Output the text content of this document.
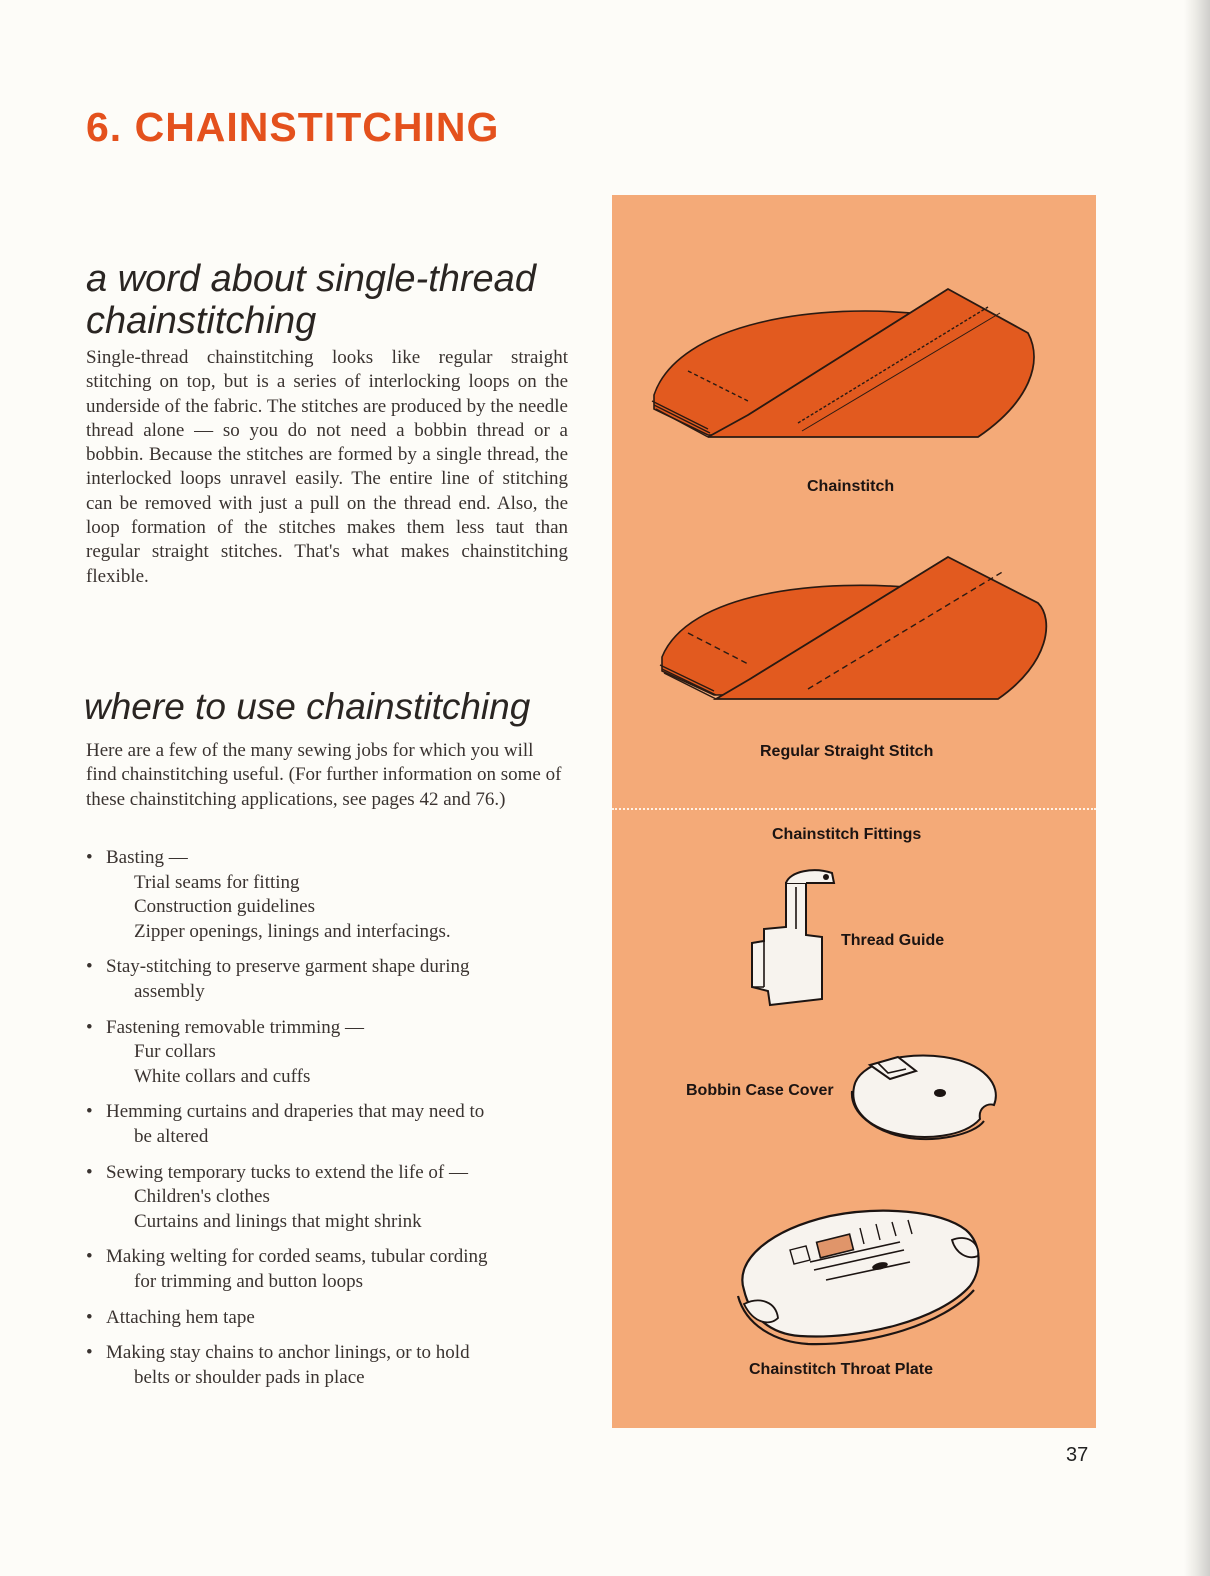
6. CHAINSTITCHING
a word about single-thread chainstitching

Single-thread chainstitching looks like regular straight stitching on top, but is a series of interlocking loops on the underside of the fabric. The stitches are produced by the needle thread alone — so you do not need a bobbin thread or a bobbin. Because the stitches are formed by a single thread, the interlocked loops unravel easily. The entire line of stitching can be removed with just a pull on the thread end. Also, the loop formation of the stitches makes them less taut than regular straight stitches. That's what makes chainstitching flexible.

where to use chainstitching

Here are a few of the many sewing jobs for which you will find chainstitching useful. (For further information on some of these chainstitching applications, see pages 42 and 76.)

• Basting —
Trial seams for fitting
Construction guidelines
Zipper openings, linings and interfacings.
• Stay-stitching to preserve garment shape during
assembly
• Fastening removable trimming —
Fur collars
White collars and cuffs
• Hemming curtains and draperies that may need to
be altered
• Sewing temporary tucks to extend the life of —
Children's clothes
Curtains and linings that might shrink
• Making welting for corded seams, tubular cording
for trimming and button loops
• Attaching hem tape
• Making stay chains to anchor linings, or to hold
belts or shoulder pads in place

Chainstitch

Regular Straight Stitch

Chainstitch Fittings

Thread Guide

Bobbin Case Cover

Chainstitch Throat Plate

37
